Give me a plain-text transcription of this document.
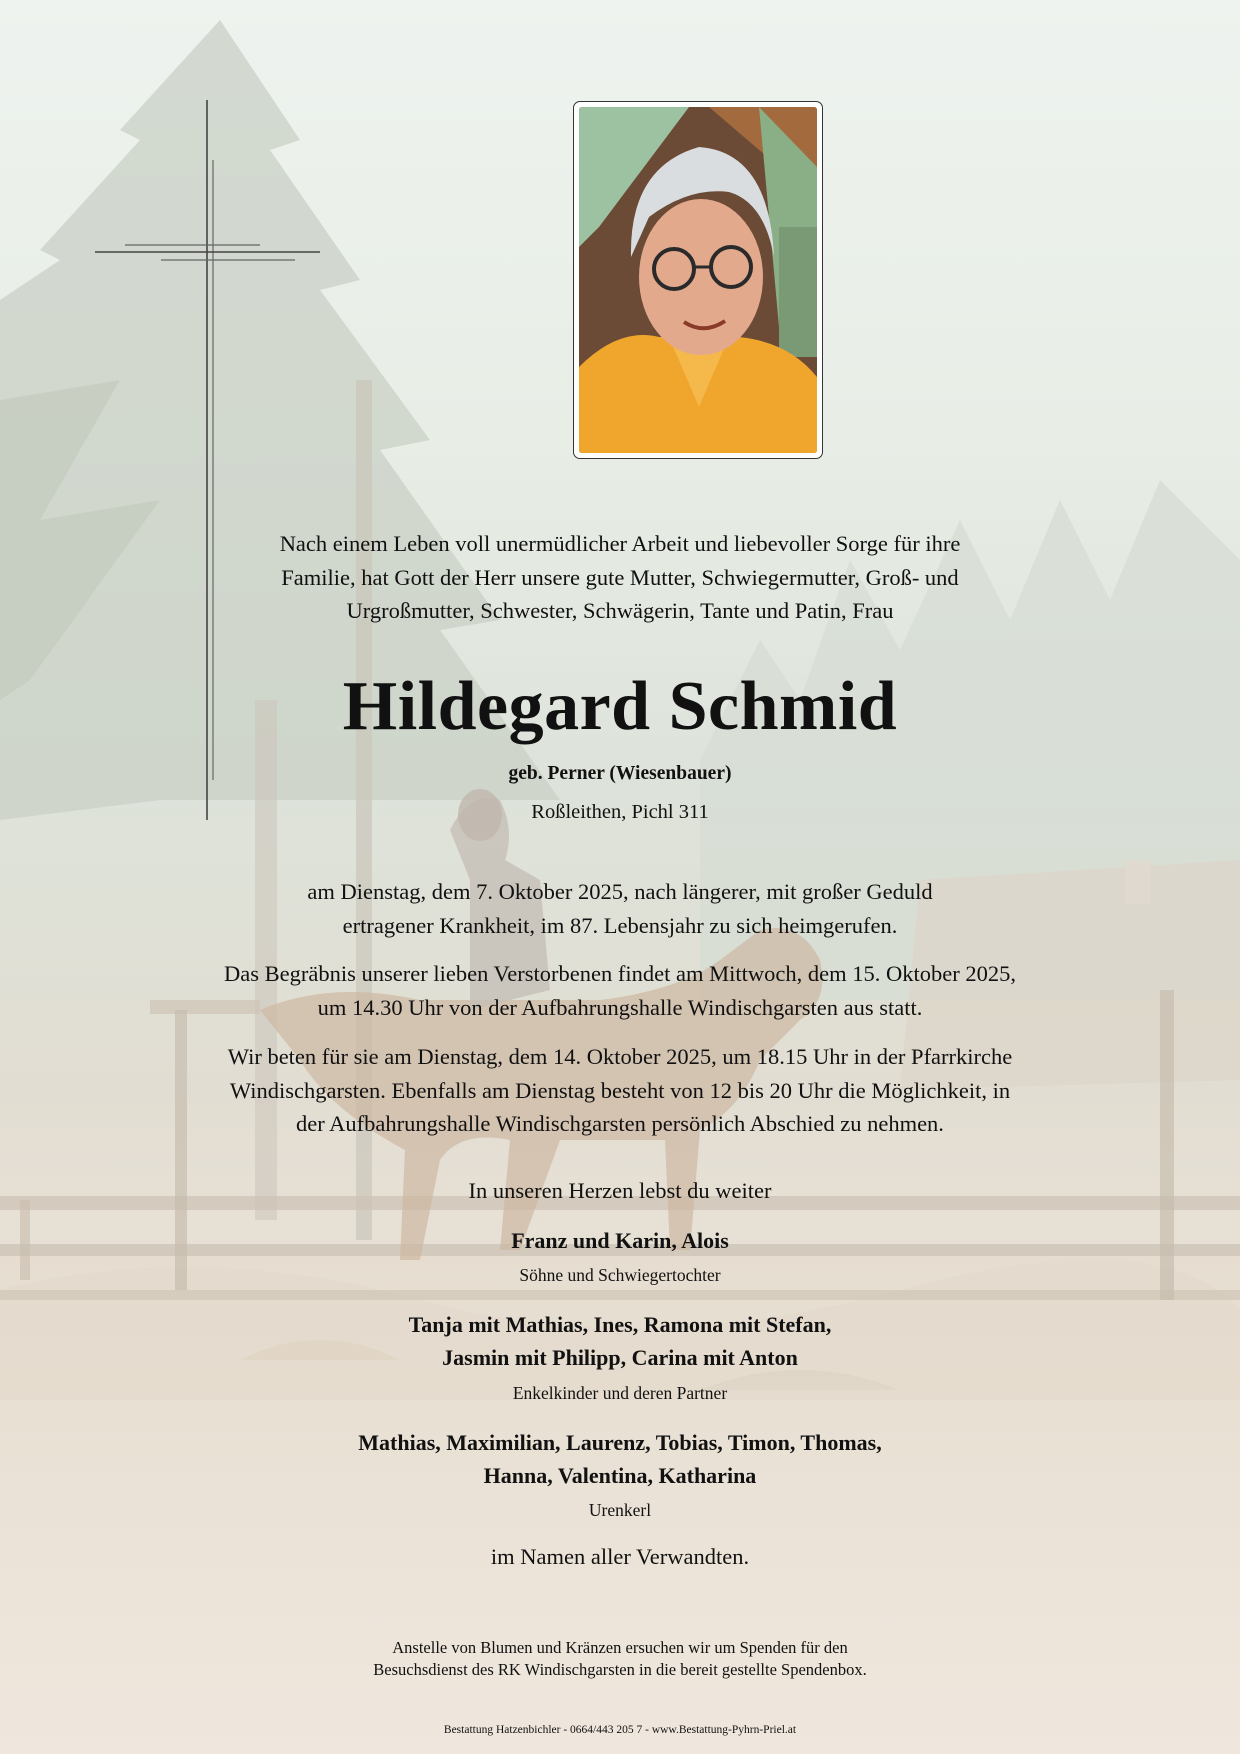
Nach einem Leben voll unermüdlicher Arbeit und liebevoller Sorge für ihre
Familie, hat Gott der Herr unsere gute Mutter, Schwiegermutter, Groß- und
Urgroßmutter, Schwester, Schwägerin, Tante und Patin, Frau
Hildegard Schmid
geb. Perner (Wiesenbauer)
Roßleithen, Pichl 311
am Dienstag, dem 7. Oktober 2025, nach längerer, mit großer Geduld
ertragener Krankheit, im 87. Lebensjahr zu sich heimgerufen.
Das Begräbnis unserer lieben Verstorbenen findet am Mittwoch, dem 15. Oktober 2025,
um 14.30 Uhr von der Aufbahrungshalle Windischgarsten aus statt.
Wir beten für sie am Dienstag, dem 14. Oktober 2025, um 18.15 Uhr in der Pfarrkirche
Windischgarsten. Ebenfalls am Dienstag besteht von 12 bis 20 Uhr die Möglichkeit, in
der Aufbahrungshalle Windischgarsten persönlich Abschied zu nehmen.
In unseren Herzen lebst du weiter
Franz und Karin, Alois
Söhne und Schwiegertochter
Tanja mit Mathias, Ines, Ramona mit Stefan,
Jasmin mit Philipp, Carina mit Anton
Enkelkinder und deren Partner
Mathias, Maximilian, Laurenz, Tobias, Timon, Thomas,
Hanna, Valentina, Katharina
Urenkerl
im Namen aller Verwandten.
Anstelle von Blumen und Kränzen ersuchen wir um Spenden für den
Besuchsdienst des RK Windischgarsten in die bereit gestellte Spendenbox.
Bestattung Hatzenbichler - 0664/443 205 7 - www.Bestattung-Pyhrn-Priel.at
